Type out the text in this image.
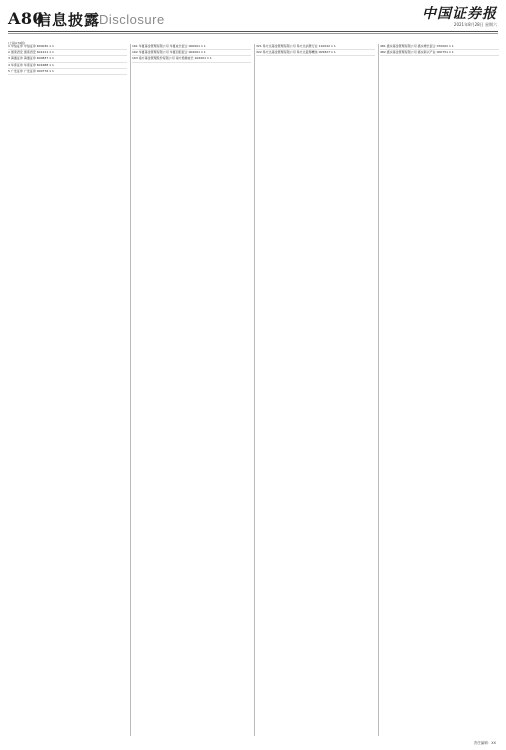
A80
信息披露
Disclosure	中国证券报
2021年8月28日 星期六
(上接A79版)
1 中信证券 中信证券 600030 1 1
2 国泰君安 国泰君安 601211 1 1
3 海通证券 海通证券 600837 1 1
4 华泰证券 华泰证券 601688 1 1
5 广发证券 广发证券 000776 1 1
161 华夏基金管理有限公司 华夏成长混合 000001 1 1
162 华夏基金管理有限公司 华夏回报混合 002001 1 1
163 南方基金管理股份有限公司 南方稳健成长 202001 1 1
321 易方达基金管理有限公司 易方达消费行业 110022 1 1
322 易方达基金管理有限公司 易方达蓝筹精选 005827 1 1
481 嘉实基金管理有限公司 嘉实增长混合 070002 1 1
482 嘉实基金管理有限公司 嘉实新兴产业 000751 1 1
责任编辑：XX
